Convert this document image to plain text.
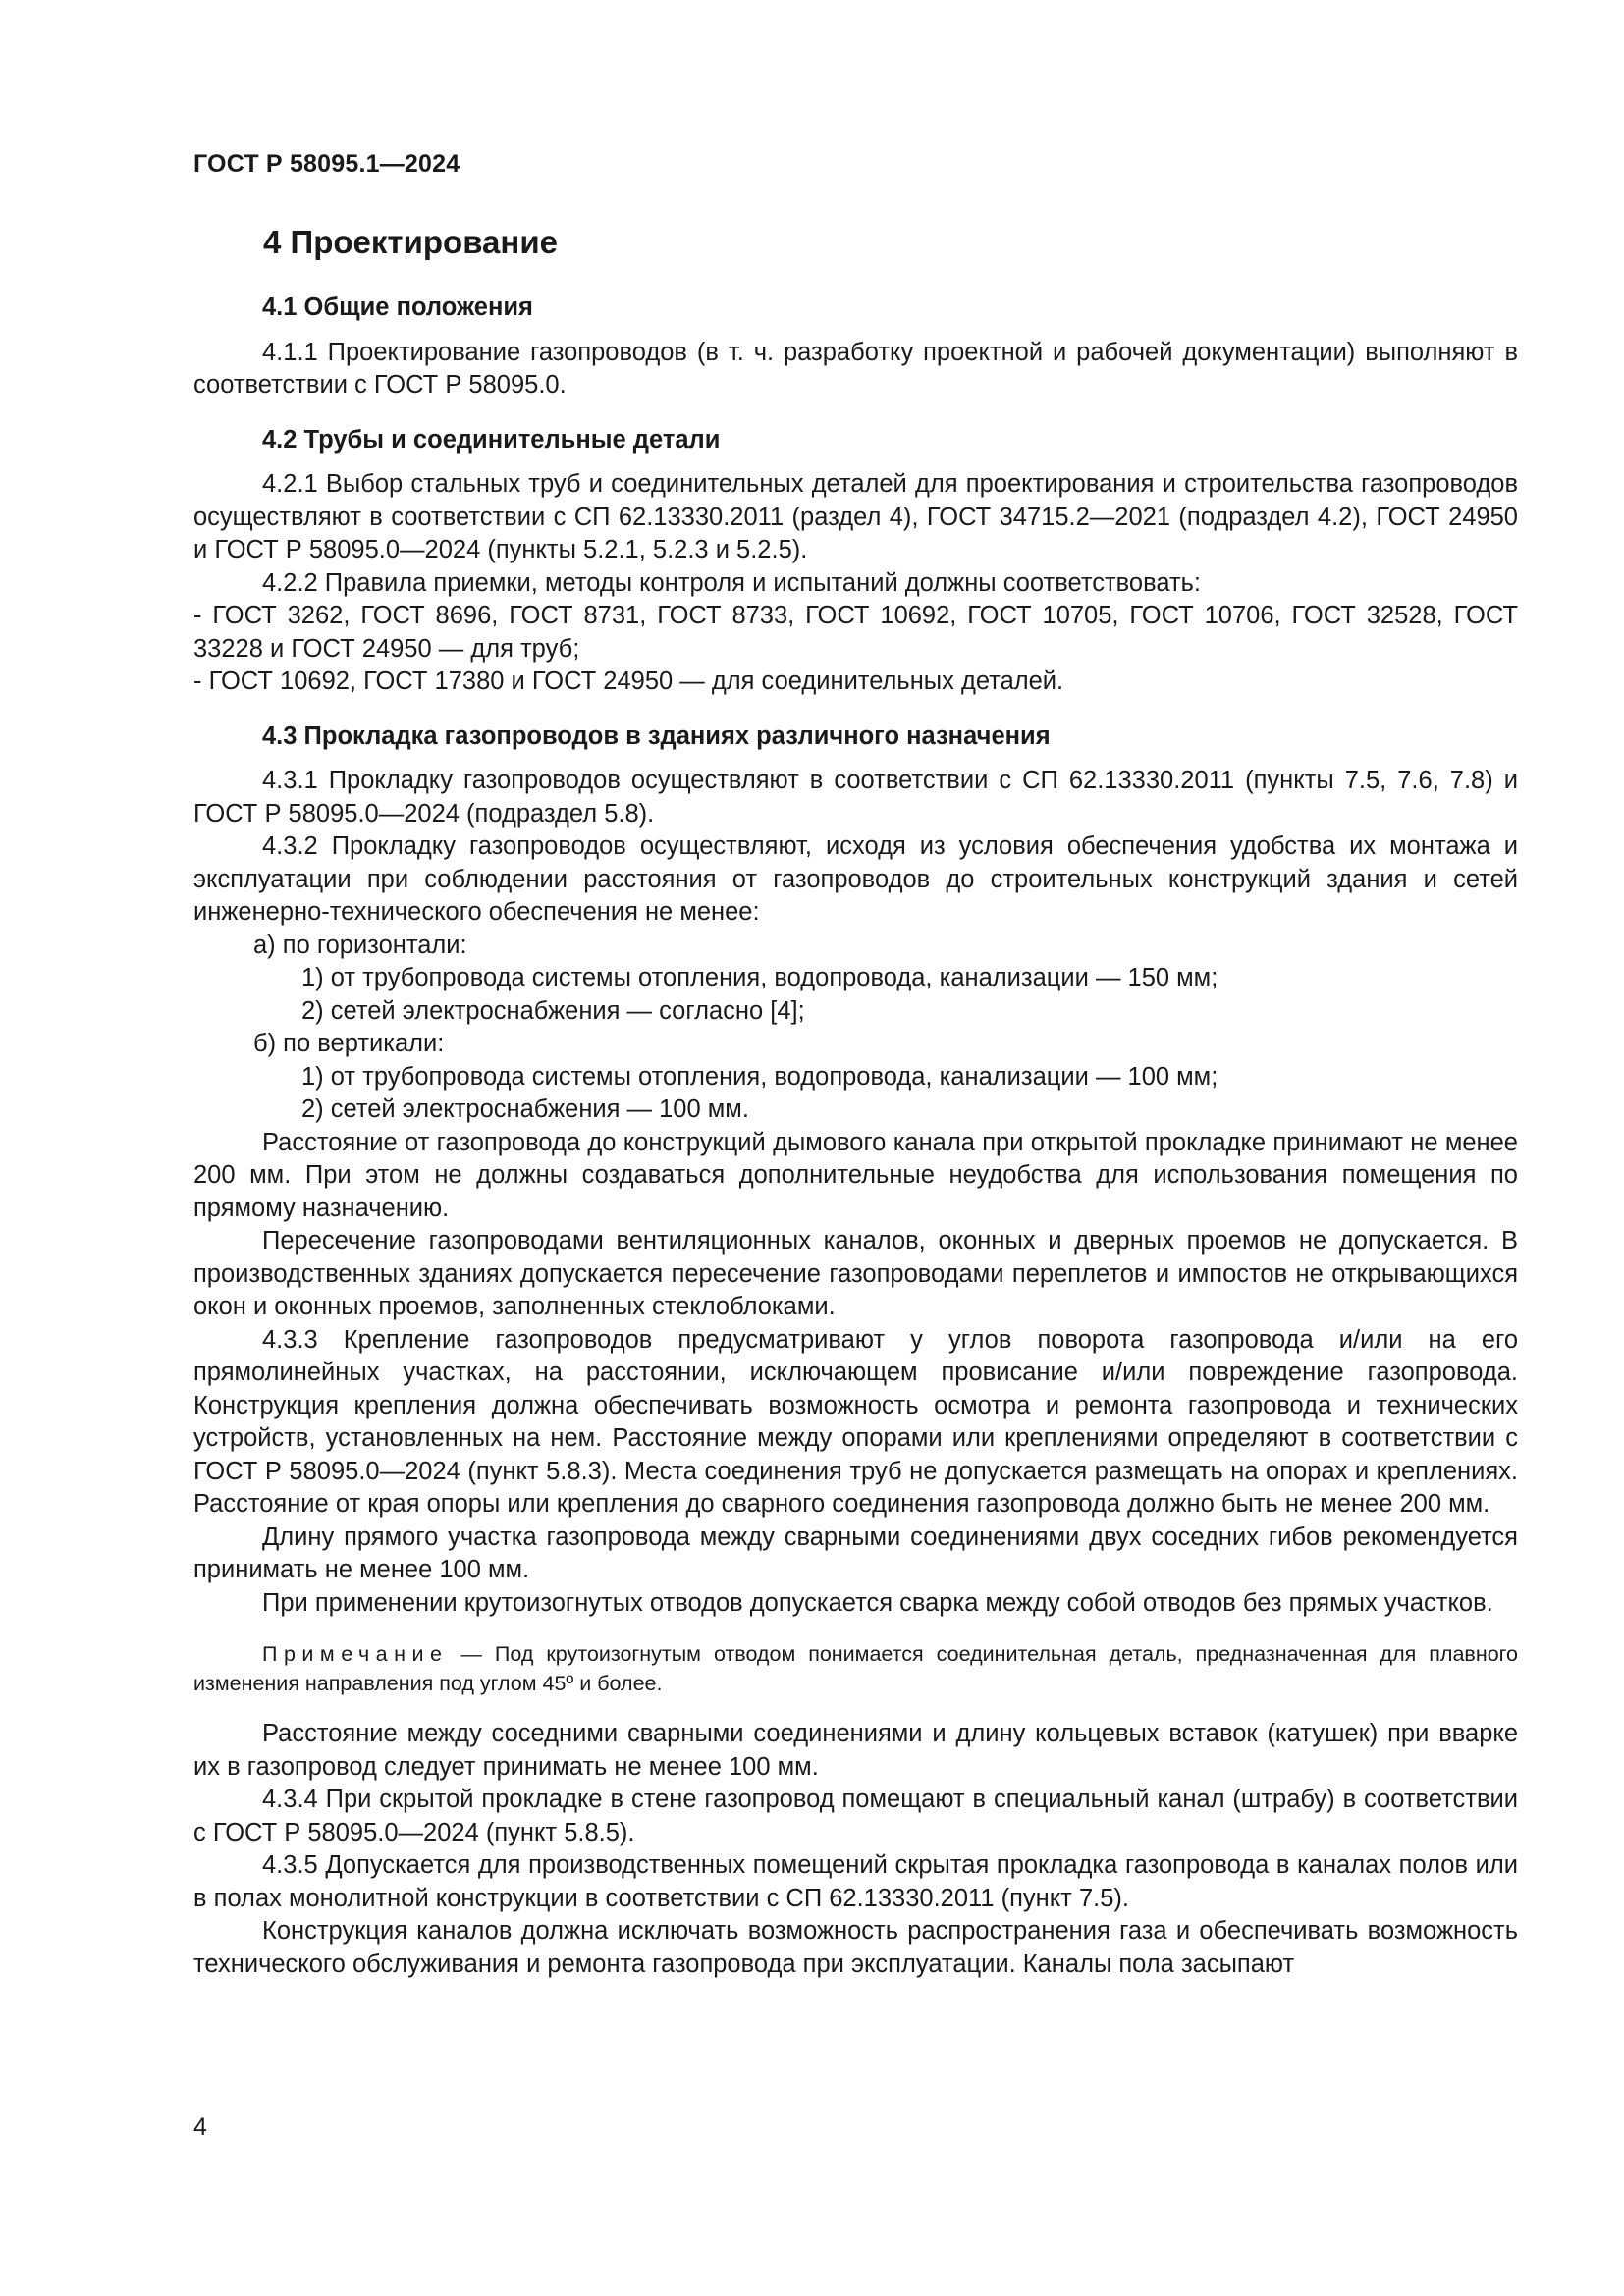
ГОСТ Р 58095.1—2024
4 Проектирование

4.1 Общие положения

4.1.1 Проектирование газопроводов (в т. ч. разработку проектной и рабочей документации) выполняют в соответствии с ГОСТ Р 58095.0.

4.2 Трубы и соединительные детали

4.2.1 Выбор стальных труб и соединительных деталей для проектирования и строительства газопроводов осуществляют в соответствии с СП 62.13330.2011 (раздел 4), ГОСТ 34715.2—2021 (подраздел 4.2), ГОСТ 24950 и ГОСТ Р 58095.0—2024 (пункты 5.2.1, 5.2.3 и 5.2.5).

4.2.2 Правила приемки, методы контроля и испытаний должны соответствовать:

- ГОСТ 3262, ГОСТ 8696, ГОСТ 8731, ГОСТ 8733, ГОСТ 10692, ГОСТ 10705, ГОСТ 10706, ГОСТ 32528, ГОСТ 33228 и ГОСТ 24950 — для труб;

- ГОСТ 10692, ГОСТ 17380 и ГОСТ 24950 — для соединительных деталей.

4.3 Прокладка газопроводов в зданиях различного назначения

4.3.1 Прокладку газопроводов осуществляют в соответствии с СП 62.13330.2011 (пункты 7.5, 7.6, 7.8) и ГОСТ Р 58095.0—2024 (подраздел 5.8).

4.3.2 Прокладку газопроводов осуществляют, исходя из условия обеспечения удобства их монтажа и эксплуатации при соблюдении расстояния от газопроводов до строительных конструкций здания и сетей инженерно-технического обеспечения не менее:

а) по горизонтали:

1) от трубопровода системы отопления, водопровода, канализации — 150 мм;

2) сетей электроснабжения — согласно [4];

б) по вертикали:

1) от трубопровода системы отопления, водопровода, канализации — 100 мм;

2) сетей электроснабжения — 100 мм.

Расстояние от газопровода до конструкций дымового канала при открытой прокладке принимают не менее 200 мм. При этом не должны создаваться дополнительные неудобства для использования помещения по прямому назначению.

Пересечение газопроводами вентиляционных каналов, оконных и дверных проемов не допускается. В производственных зданиях допускается пересечение газопроводами переплетов и импостов не открывающихся окон и оконных проемов, заполненных стеклоблоками.

4.3.3 Крепление газопроводов предусматривают у углов поворота газопровода и/или на его прямолинейных участках, на расстоянии, исключающем провисание и/или повреждение газопровода. Конструкция крепления должна обеспечивать возможность осмотра и ремонта газопровода и технических устройств, установленных на нем. Расстояние между опорами или креплениями определяют в соответствии с ГОСТ Р 58095.0—2024 (пункт 5.8.3). Места соединения труб не допускается размещать на опорах и креплениях. Расстояние от края опоры или крепления до сварного соединения газопровода должно быть не менее 200 мм.

Длину прямого участка газопровода между сварными соединениями двух соседних гибов рекомендуется принимать не менее 100 мм.

При применении крутоизогнутых отводов допускается сварка между собой отводов без прямых участков.

Примечание — Под крутоизогнутым отводом понимается соединительная деталь, предназначенная для плавного изменения направления под углом 45º и более.

Расстояние между соседними сварными соединениями и длину кольцевых вставок (катушек) при вварке их в газопровод следует принимать не менее 100 мм.

4.3.4 При скрытой прокладке в стене газопровод помещают в специальный канал (штрабу) в соответствии с ГОСТ Р 58095.0—2024 (пункт 5.8.5).

4.3.5 Допускается для производственных помещений скрытая прокладка газопровода в каналах полов или в полах монолитной конструкции в соответствии с СП 62.13330.2011 (пункт 7.5).

Конструкция каналов должна исключать возможность распространения газа и обеспечивать возможность технического обслуживания и ремонта газопровода при эксплуатации. Каналы пола засыпают

4
